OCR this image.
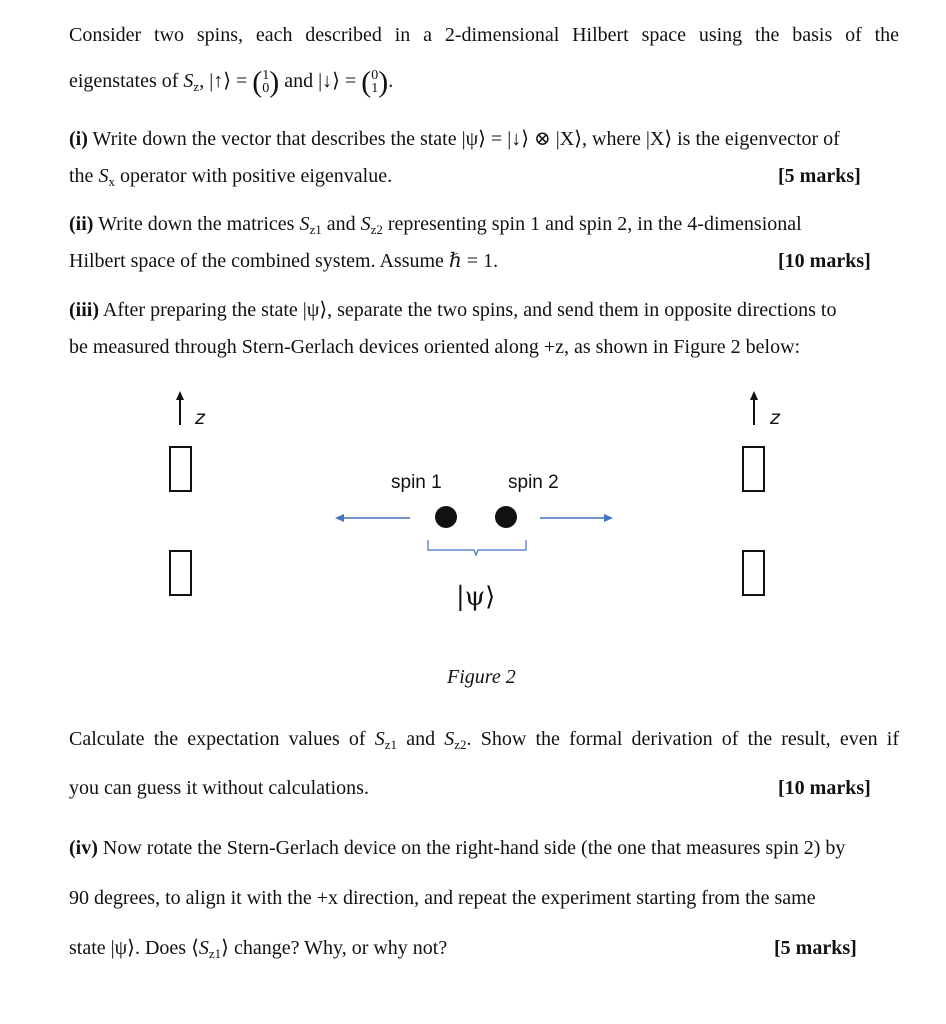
Consider two spins, each described in a 2-dimensional Hilbert space using the basis of the
eigenstates of $S_z$, |↑⟩ = (1
0) and |↓⟩ = (0
1).
(i) Write down the vector that describes the state |ψ⟩ = |↓⟩ ⊗ |X⟩, where |X⟩ is the eigenvector of
the $S_x$ operator with positive eigenvalue.	[5 marks]
(ii) Write down the matrices $S_{z1}$ and $S_{z2}$ representing spin 1 and spin 2, in the 4-dimensional
Hilbert space of the combined system. Assume ℏ = 1.	[10 marks]
(iii) After preparing the state |ψ⟩, separate the two spins, and send them in opposite directions to
be measured through Stern-Gerlach devices oriented along +z, as shown in Figure 2 below:
z	z
spin 1	spin 2
|ψ⟩
Figure 2
Calculate the expectation values of $S_{z1}$ and $S_{z2}$. Show the formal derivation of the result, even if
you can guess it without calculations.	[10 marks]
(iv) Now rotate the Stern-Gerlach device on the right-hand side (the one that measures spin 2) by
90 degrees, to align it with the +x direction, and repeat the experiment starting from the same
state |ψ⟩. Does $⟨S_{z1}⟩$ change? Why, or why not?	[5 marks]
